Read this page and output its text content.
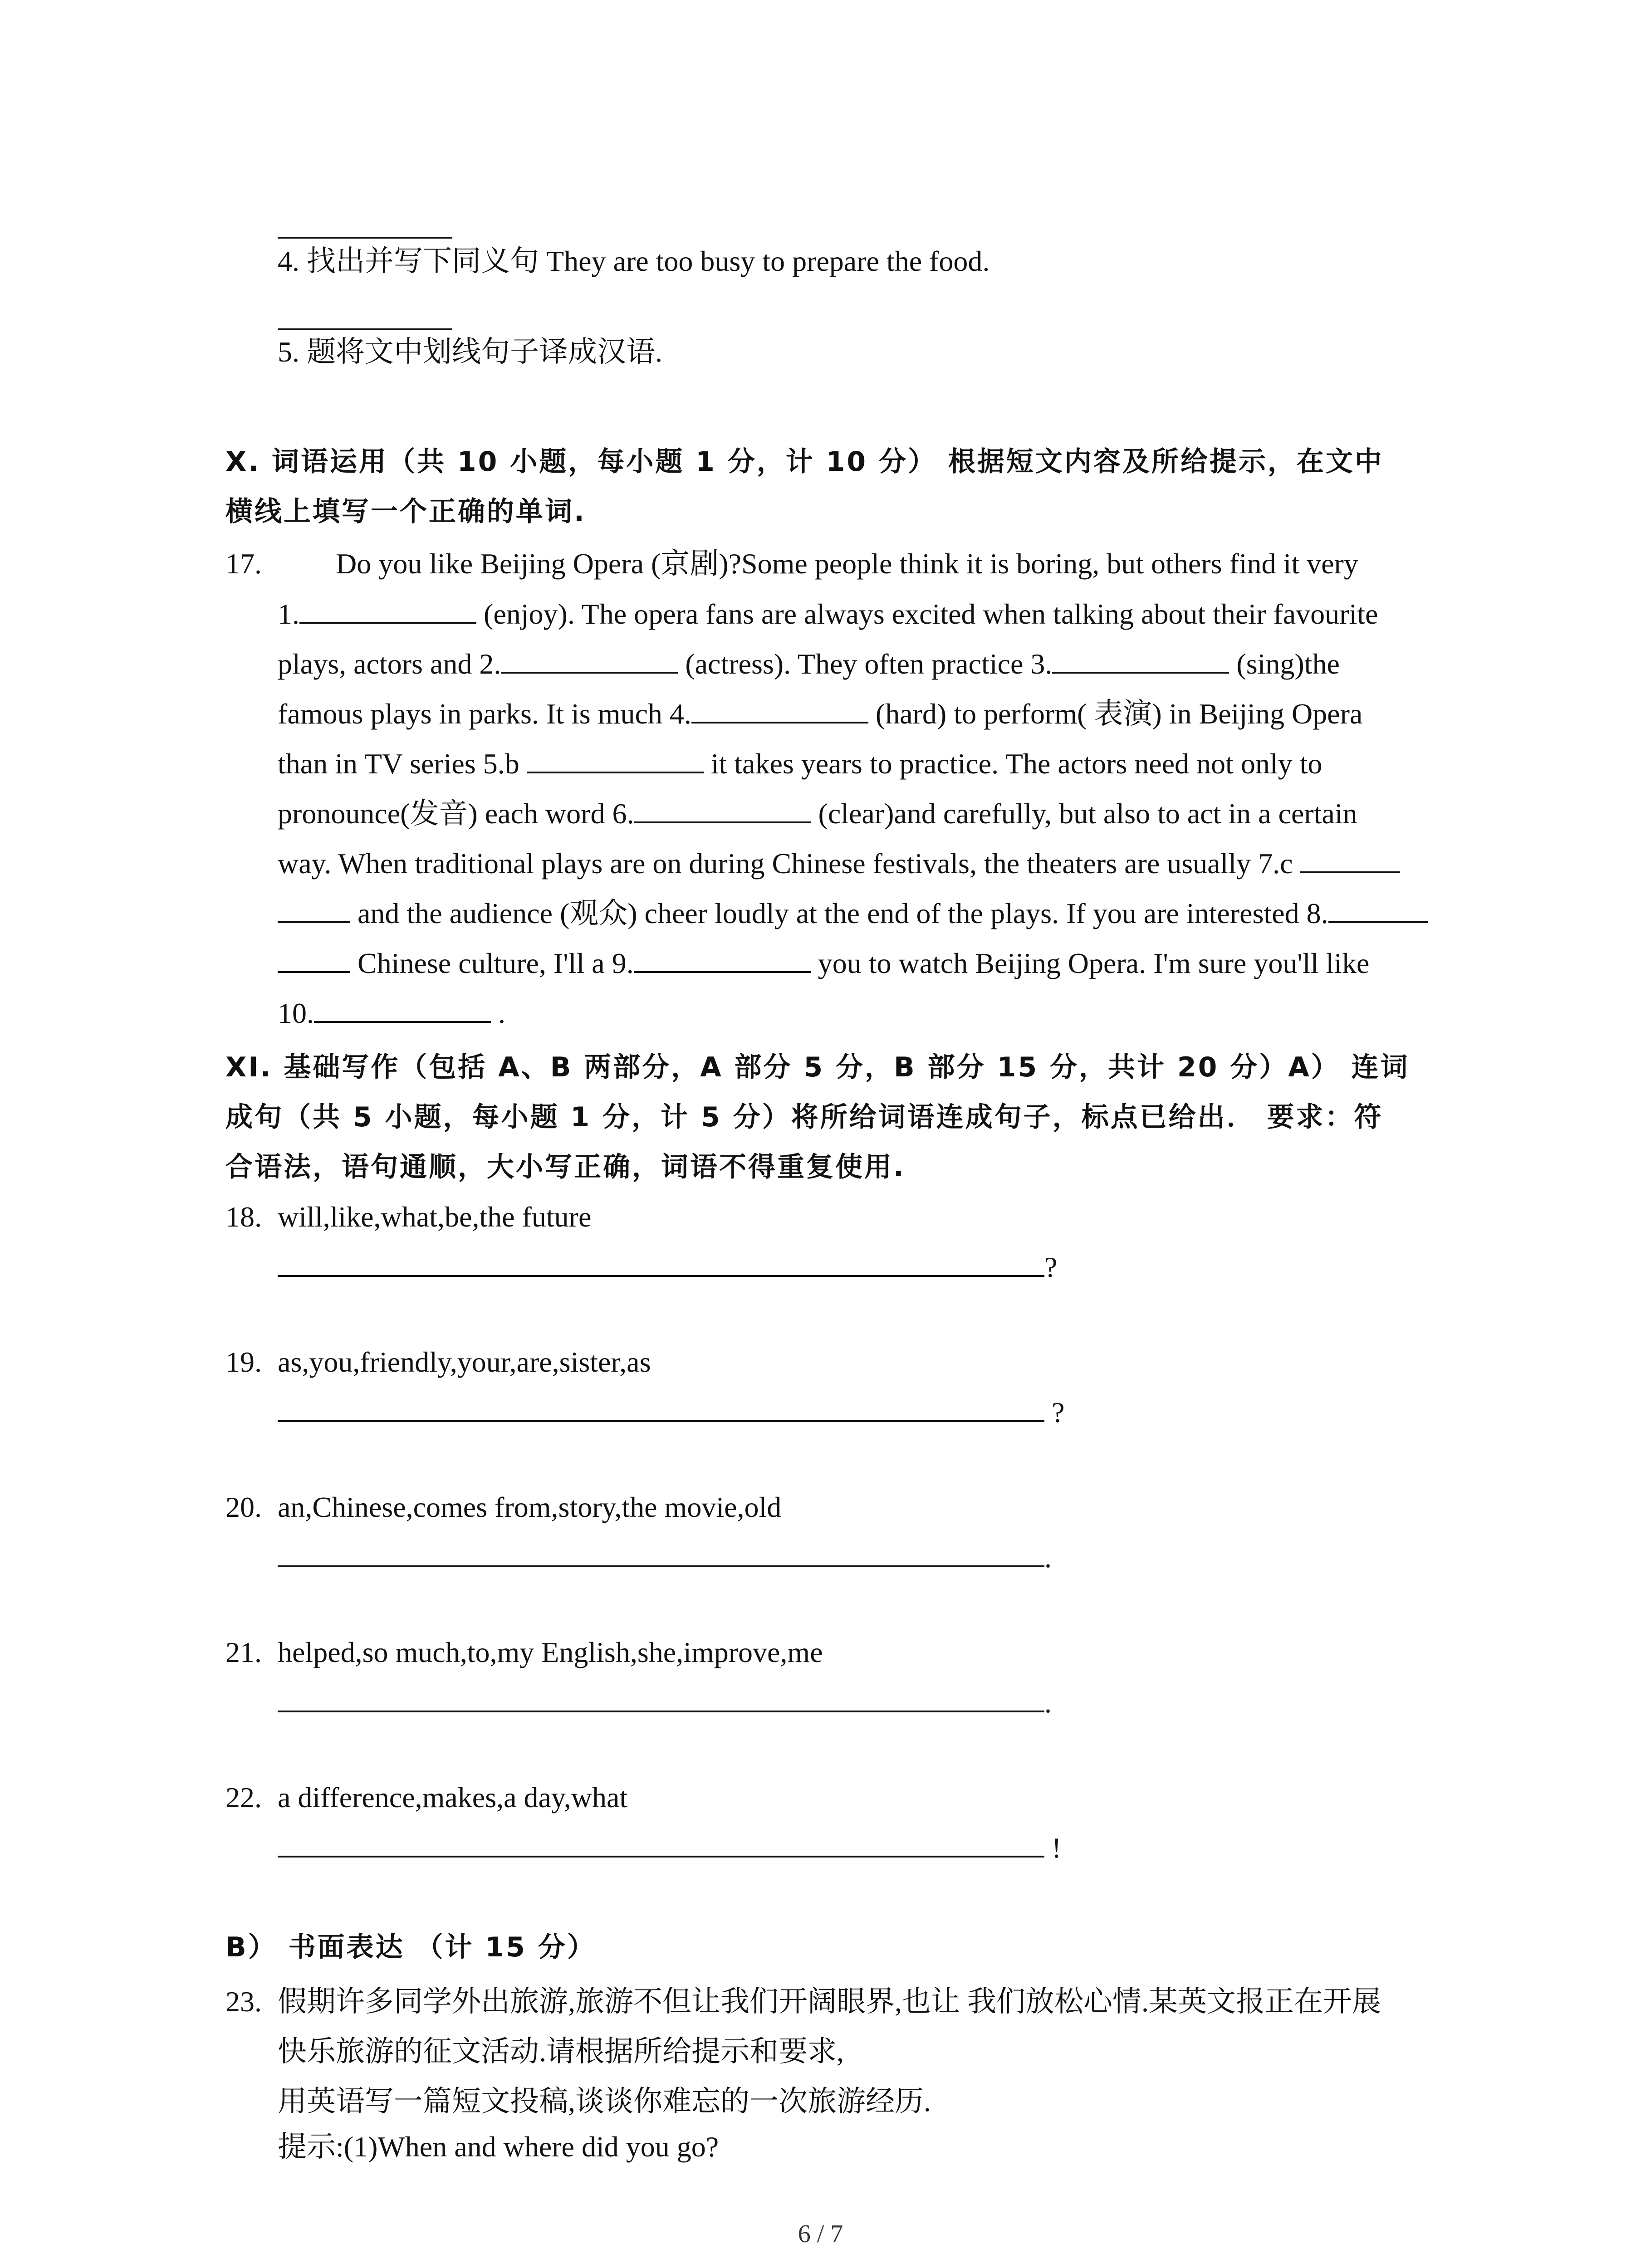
4. 找出并写下同义句 They are too busy to prepare the food.
5. 题将文中划线句子译成汉语.
X. 词语运用（共 10 小题，每小题 1 分，计 10 分） 根据短文内容及所给提示，在文中
横线上填写一个正确的单词.
17.	Do you like Beijing Opera (京剧)?Some people think it is boring, but others find it very
1.	(enjoy). The opera fans are always excited when talking about their favourite
plays, actors and 2.	(actress). They often practice 3.	(sing)the
famous plays in parks. It is much 4.	(hard) to perform( 表演) in Beijing Opera
than in TV series 5.b	it takes years to practice. The actors need not only to
pronounce(发音) each word 6.	(clear)and carefully, but also to act in a certain
way. When traditional plays are on during Chinese festivals, the theaters are usually 7.c
and the audience (观众) cheer loudly at the end of the plays. If you are interested 8.
Chinese culture, I'll a 9.	you to watch Beijing Opera. I'm sure you'll like
10.	.
XI. 基础写作（包括 A、B 两部分，A 部分 5 分，B 部分 15 分，共计 20 分）A） 连词
成句（共 5 小题，每小题 1 分，计 5 分）将所给词语连成句子，标点已给出． 要求：符
合语法，语句通顺，大小写正确，词语不得重复使用.
18. will,like,what,be,the future
?
19. as,you,friendly,your,are,sister,as
?
20. an,Chinese,comes from,story,the movie,old
.
21. helped,so much,to,my English,she,improve,me
.
22. a difference,makes,a day,what
!
B） 书面表达 （计 15 分）
23. 假期许多同学外出旅游,旅游不但让我们开阔眼界,也让 我们放松心情.某英文报正在开展
快乐旅游的征文活动.请根据所给提示和要求,
用英语写一篇短文投稿,谈谈你难忘的一次旅游经历.
提示:(1)When and where did you go?
6 / 7
